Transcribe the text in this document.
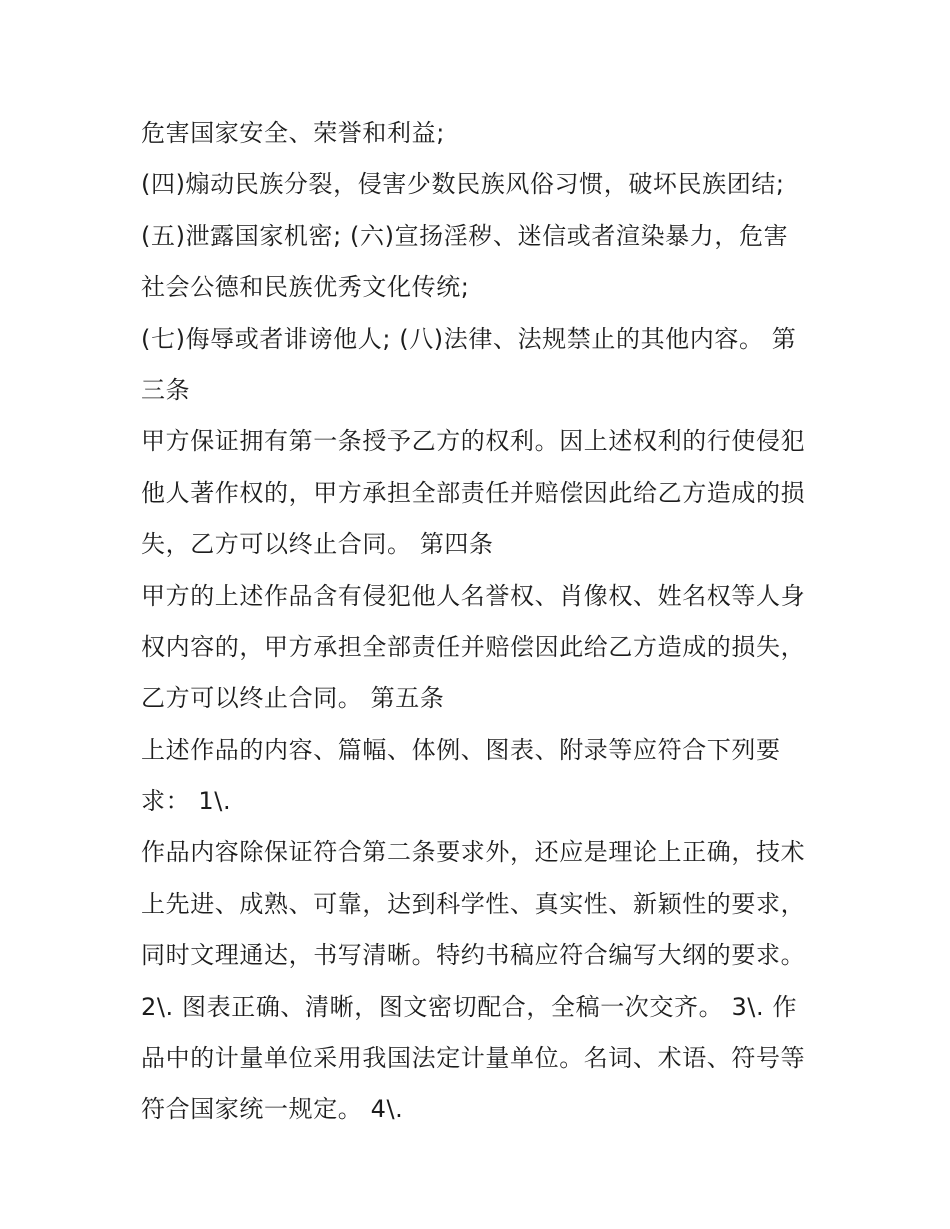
危害国家安全、荣誉和利益;
(四)煽动民族分裂，侵害少数民族风俗习惯，破坏民族团结;
(五)泄露国家机密; (六)宣扬淫秽、迷信或者渲染暴力，危害
社会公德和民族优秀文化传统;
(七)侮辱或者诽谤他人; (八)法律、法规禁止的其他内容。 第
三条
甲方保证拥有第一条授予乙方的权利。因上述权利的行使侵犯
他人著作权的，甲方承担全部责任并赔偿因此给乙方造成的损
失，乙方可以终止合同。 第四条
甲方的上述作品含有侵犯他人名誉权、肖像权、姓名权等人身
权内容的，甲方承担全部责任并赔偿因此给乙方造成的损失，
乙方可以终止合同。 第五条
上述作品的内容、篇幅、体例、图表、附录等应符合下列要
求： 1\.
作品内容除保证符合第二条要求外，还应是理论上正确，技术
上先进、成熟、可靠，达到科学性、真实性、新颖性的要求，
同时文理通达，书写清晰。特约书稿应符合编写大纲的要求。
2\. 图表正确、清晰，图文密切配合，全稿一次交齐。 3\. 作
品中的计量单位采用我国法定计量单位。名词、术语、符号等
符合国家统一规定。 4\.
